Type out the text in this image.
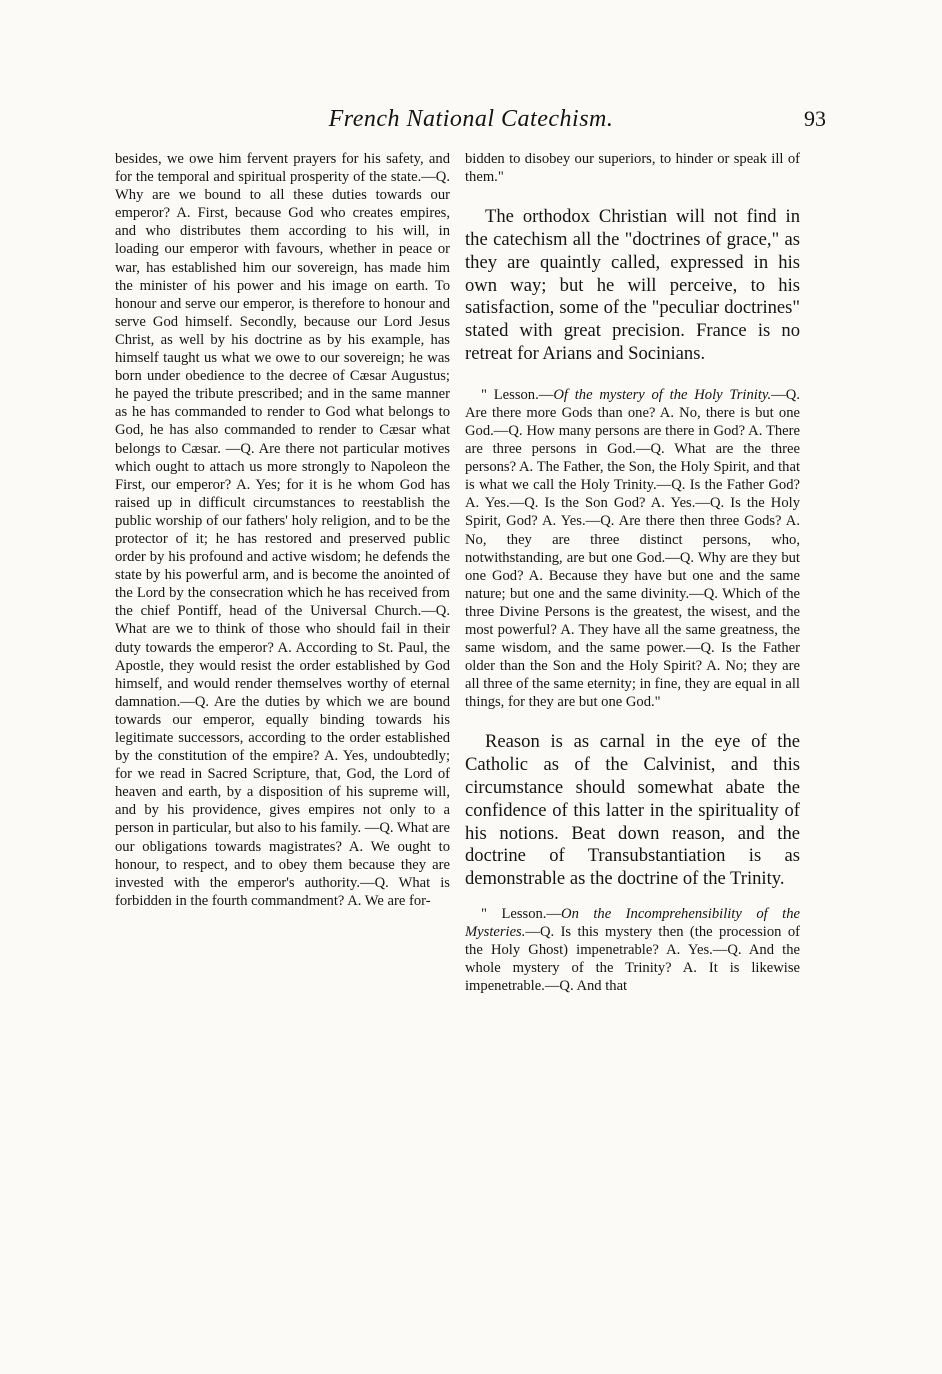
French National Catechism.	93

besides, we owe him fervent prayers for his safety, and for the temporal and spiritual prosperity of the state.—Q. Why are we bound to all these duties towards our emperor? A. First, because God who creates empires, and who distributes them according to his will, in loading our emperor with favours, whether in peace or war, has established him our sovereign, has made him the minister of his power and his image on earth. To honour and serve our emperor, is therefore to honour and serve God himself. Secondly, because our Lord Jesus Christ, as well by his doctrine as by his example, has himself taught us what we owe to our sovereign; he was born under obedience to the decree of Cæsar Augustus; he payed the tribute prescribed; and in the same manner as he has commanded to render to God what belongs to God, he has also commanded to render to Cæsar what belongs to Cæsar. —Q. Are there not particular motives which ought to attach us more strongly to Napoleon the First, our emperor? A. Yes; for it is he whom God has raised up in difficult circumstances to reestablish the public worship of our fathers' holy religion, and to be the protector of it; he has restored and preserved public order by his profound and active wisdom; he defends the state by his powerful arm, and is become the anointed of the Lord by the consecration which he has received from the chief Pontiff, head of the Universal Church.—Q. What are we to think of those who should fail in their duty towards the emperor? A. According to St. Paul, the Apostle, they would resist the order established by God himself, and would render themselves worthy of eternal damnation.—Q. Are the duties by which we are bound towards our emperor, equally binding towards his legitimate successors, according to the order established by the constitution of the empire? A. Yes, undoubtedly; for we read in Sacred Scripture, that, God, the Lord of heaven and earth, by a disposition of his supreme will, and by his providence, gives empires not only to a person in particular, but also to his family. —Q. What are our obligations towards magistrates? A. We ought to honour, to respect, and to obey them because they are invested with the emperor's authority.—Q. What is forbidden in the fourth commandment? A. We are for-

bidden to disobey our superiors, to hinder or speak ill of them."

The orthodox Christian will not find in the catechism all the "doctrines of grace," as they are quaintly called, expressed in his own way; but he will perceive, to his satisfaction, some of the "peculiar doctrines" stated with great precision. France is no retreat for Arians and Socinians.

" Lesson.—Of the mystery of the Holy Trinity.—Q. Are there more Gods than one? A. No, there is but one God.—Q. How many persons are there in God? A. There are three persons in God.—Q. What are the three persons? A. The Father, the Son, the Holy Spirit, and that is what we call the Holy Trinity.—Q. Is the Father God? A. Yes.—Q. Is the Son God? A. Yes.—Q. Is the Holy Spirit, God? A. Yes.—Q. Are there then three Gods? A. No, they are three distinct persons, who, notwithstanding, are but one God.—Q. Why are they but one God? A. Because they have but one and the same nature; but one and the same divinity.—Q. Which of the three Divine Persons is the greatest, the wisest, and the most powerful? A. They have all the same greatness, the same wisdom, and the same power.—Q. Is the Father older than the Son and the Holy Spirit? A. No; they are all three of the same eternity; in fine, they are equal in all things, for they are but one God."

Reason is as carnal in the eye of the Catholic as of the Calvinist, and this circumstance should somewhat abate the confidence of this latter in the spirituality of his notions. Beat down reason, and the doctrine of Transubstantiation is as demonstrable as the doctrine of the Trinity.

" Lesson.—On the Incomprehensibility of the Mysteries.—Q. Is this mystery then (the procession of the Holy Ghost) impenetrable? A. Yes.—Q. And the whole mystery of the Trinity? A. It is likewise impenetrable.—Q. And that
